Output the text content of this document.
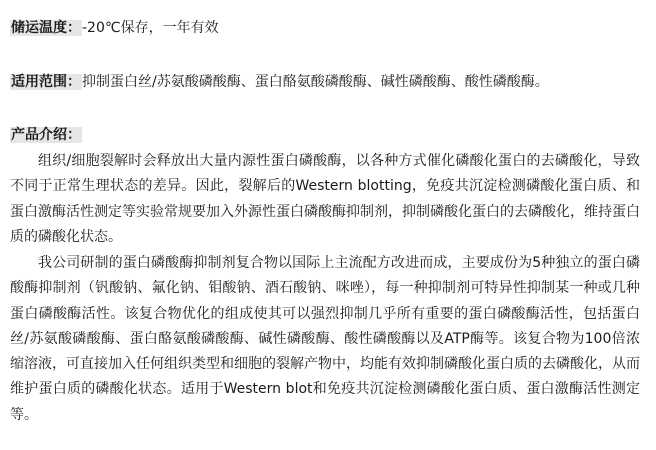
储运温度：-20℃保存，一年有效
适用范围：抑制蛋白丝/苏氨酸磷酸酶、蛋白酪氨酸磷酸酶、碱性磷酸酶、酸性磷酸酶。
产品介绍：

组织/细胞裂解时会释放出大量内源性蛋白磷酸酶，以各种方式催化磷酸化蛋白的去磷酸化，导致不同于正常生理状态的差异。因此，裂解后的Western blotting，免疫共沉淀检测磷酸化蛋白质、和蛋白激酶活性测定等实验常规要加入外源性蛋白磷酸酶抑制剂，抑制磷酸化蛋白的去磷酸化，维持蛋白质的磷酸化状态。

我公司研制的蛋白磷酸酶抑制剂复合物以国际上主流配方改进而成，主要成份为5种独立的蛋白磷酸酶抑制剂（钒酸钠、氟化钠、钼酸钠、酒石酸钠、咪唑），每一种抑制剂可特异性抑制某一种或几种蛋白磷酸酶活性。该复合物优化的组成使其可以强烈抑制几乎所有重要的蛋白磷酸酶活性，包括蛋白丝/苏氨酸磷酸酶、蛋白酪氨酸磷酸酶、碱性磷酸酶、酸性磷酸酶以及ATP酶等。该复合物为100倍浓缩溶液，可直接加入任何组织类型和细胞的裂解产物中，均能有效抑制磷酸化蛋白质的去磷酸化，从而维护蛋白质的磷酸化状态。适用于Western blot和免疫共沉淀检测磷酸化蛋白质、蛋白激酶活性测定等。
